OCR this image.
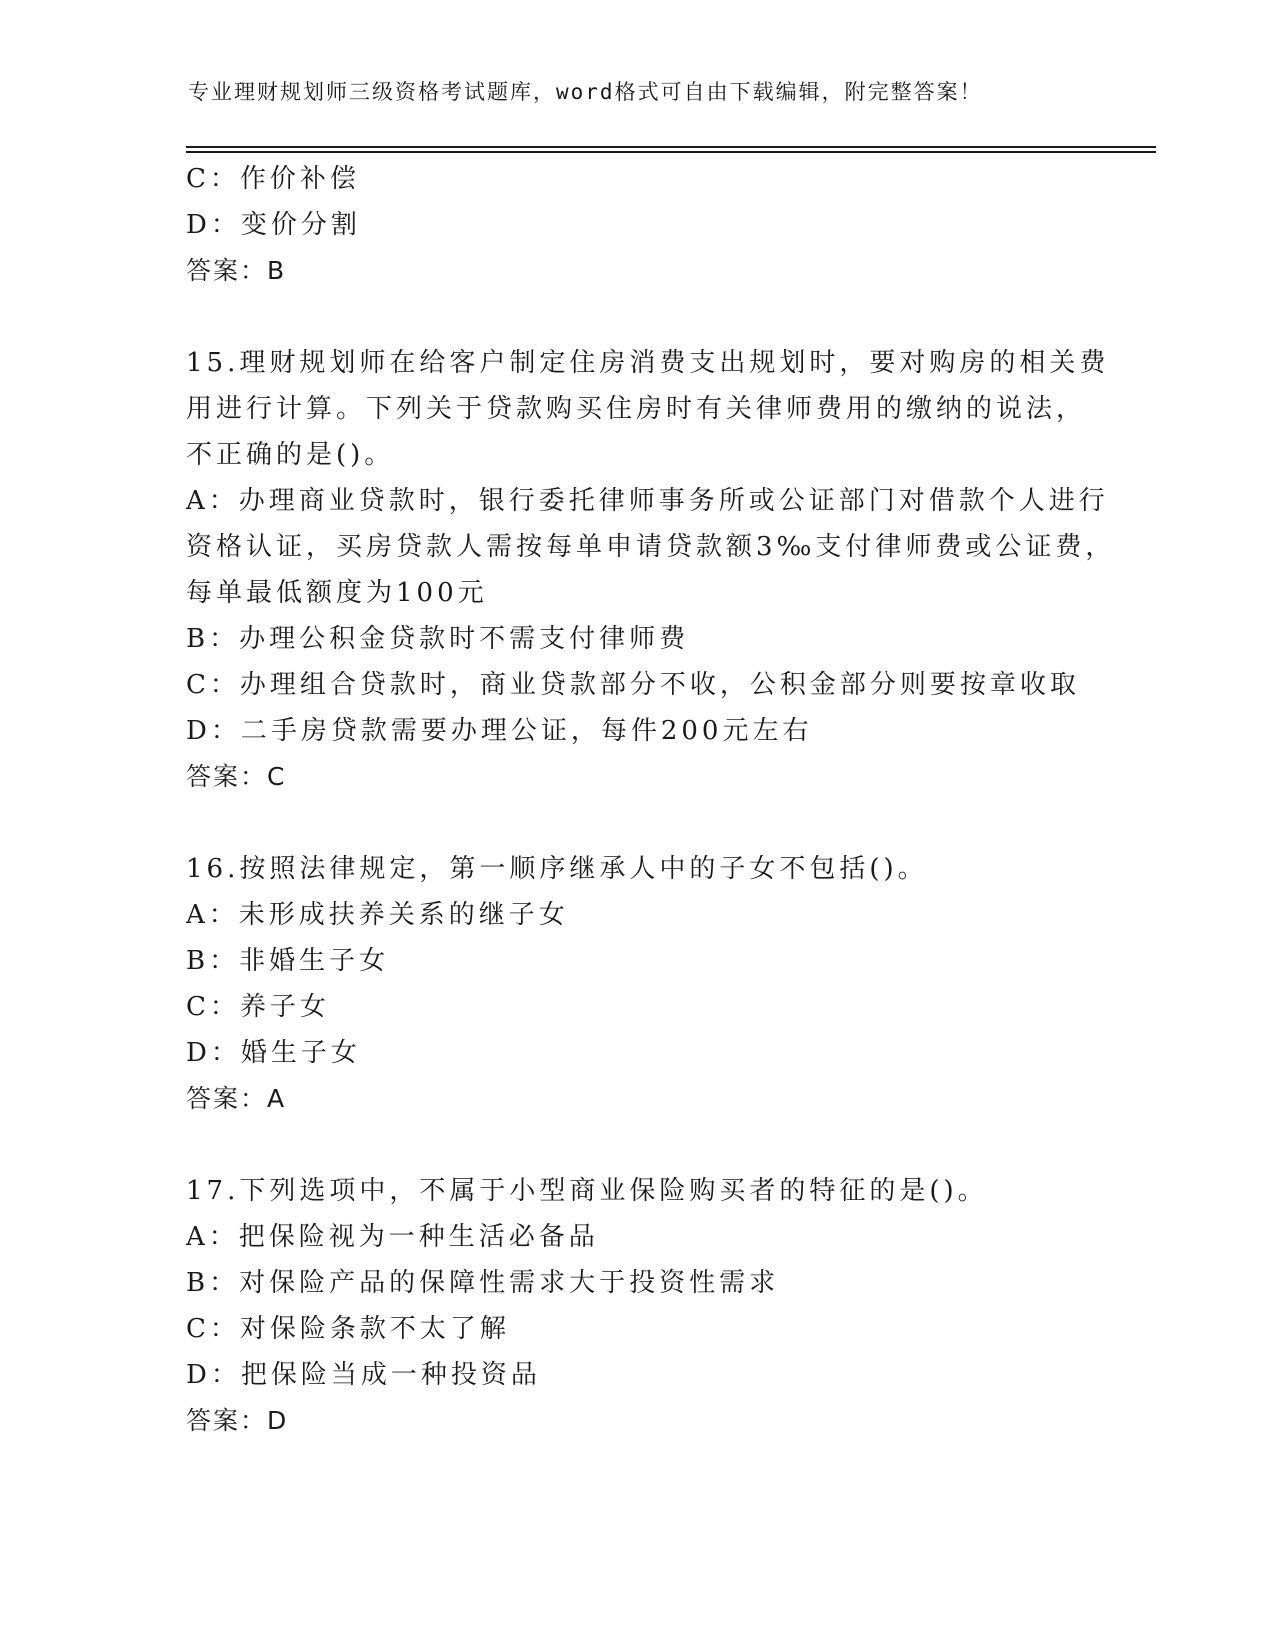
专业理财规划师三级资格考试题库，word格式可自由下载编辑，附完整答案！
C：作价补偿
D：变价分割
答案：B
15.理财规划师在给客户制定住房消费支出规划时，要对购房的相关费
用进行计算。下列关于贷款购买住房时有关律师费用的缴纳的说法，
不正确的是()。
A：办理商业贷款时，银行委托律师事务所或公证部门对借款个人进行
资格认证，买房贷款人需按每单申请贷款额3‰支付律师费或公证费，
每单最低额度为100元
B：办理公积金贷款时不需支付律师费
C：办理组合贷款时，商业贷款部分不收，公积金部分则要按章收取
D：二手房贷款需要办理公证，每件200元左右
答案：C
16.按照法律规定，第一顺序继承人中的子女不包括()。
A：未形成扶养关系的继子女
B：非婚生子女
C：养子女
D：婚生子女
答案：A
17.下列选项中，不属于小型商业保险购买者的特征的是()。
A：把保险视为一种生活必备品
B：对保险产品的保障性需求大于投资性需求
C：对保险条款不太了解
D：把保险当成一种投资品
答案：D
